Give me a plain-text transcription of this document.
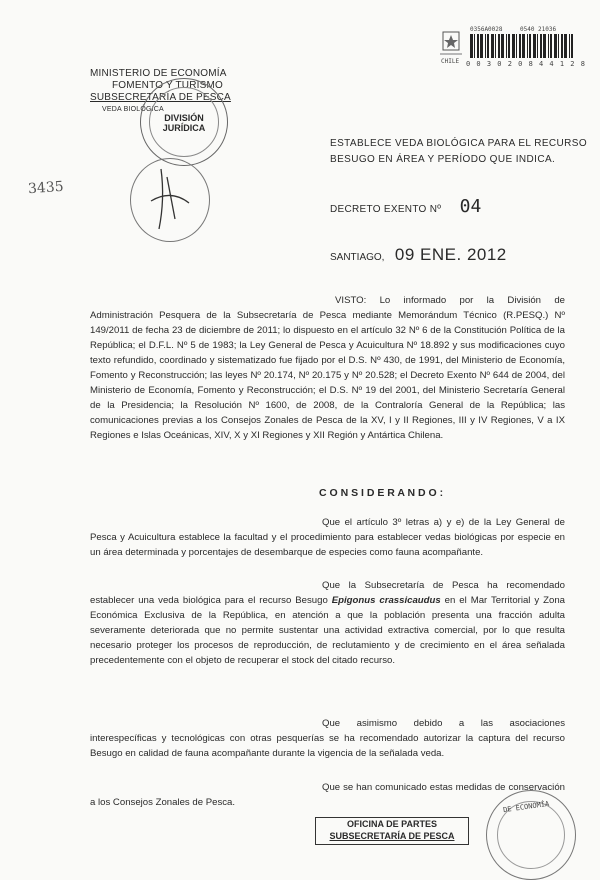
CHILE
0356A0028	0540 21036
0 0 3 0 2 0 8 4 4 1 2 8
MINISTERIO DE ECONOMÍA
FOMENTO Y TURISMO
SUBSECRETARÍA DE PESCA
VEDA BIOLÓGICA
DIVISIÓN
JURÍDICA
3435
ESTABLECE VEDA BIOLÓGICA PARA EL RECURSO
BESUGO EN ÁREA Y PERÍODO QUE INDICA.
DECRETO EXENTO Nº 04
SANTIAGO, 09 ENE. 2012
VISTO: Lo informado por la División de Administración Pesquera de la Subsecretaría de Pesca mediante Memorándum Técnico (R.PESQ.) Nº 149/2011 de fecha 23 de diciembre de 2011; lo dispuesto en el artículo 32 Nº 6 de la Constitución Política de la República; el D.F.L. Nº 5 de 1983; la Ley General de Pesca y Acuicultura Nº 18.892 y sus modificaciones cuyo texto refundido, coordinado y sistematizado fue fijado por el D.S. Nº 430, de 1991, del Ministerio de Economía, Fomento y Reconstrucción; las leyes Nº 20.174, Nº 20.175 y Nº 20.528; el Decreto Exento Nº 644 de 2004, del Ministerio de Economía, Fomento y Reconstrucción; el D.S. Nº 19 del 2001, del Ministerio Secretaría General de la Presidencia; la Resolución Nº 1600, de 2008, de la Contraloría General de la República; las comunicaciones previas a los Consejos Zonales de Pesca de la XV, I y II Regiones, III y IV Regiones, V a IX Regiones e Islas Oceánicas, XIV, X y XI Regiones y XII Región y Antártica Chilena.
C O N S I D E R A N D O :
Que el artículo 3º letras a) y e) de la Ley General de Pesca y Acuicultura establece la facultad y el procedimiento para establecer vedas biológicas por especie en un área determinada y porcentajes de desembarque de especies como fauna acompañante.
Que la Subsecretaría de Pesca ha recomendado establecer una veda biológica para el recurso Besugo Epigonus crassicaudus en el Mar Territorial y Zona Económica Exclusiva de la República, en atención a que la población presenta una fracción adulta severamente deteriorada que no permite sustentar una actividad extractiva comercial, por lo que resulta necesario proteger los procesos de reproducción, de reclutamiento y de crecimiento en el área señalada precedentemente con el objeto de recuperar el stock del citado recurso.
Que asimismo debido a las asociaciones interespecíficas y tecnológicas con otras pesquerías se ha recomendado autorizar la captura del recurso Besugo en calidad de fauna acompañante durante la vigencia de la señalada veda.
Que se han comunicado estas medidas de conservación a los Consejos Zonales de Pesca.
OFICINA DE PARTES
SUBSECRETARÍA DE PESCA
DE ECONOMÍA
